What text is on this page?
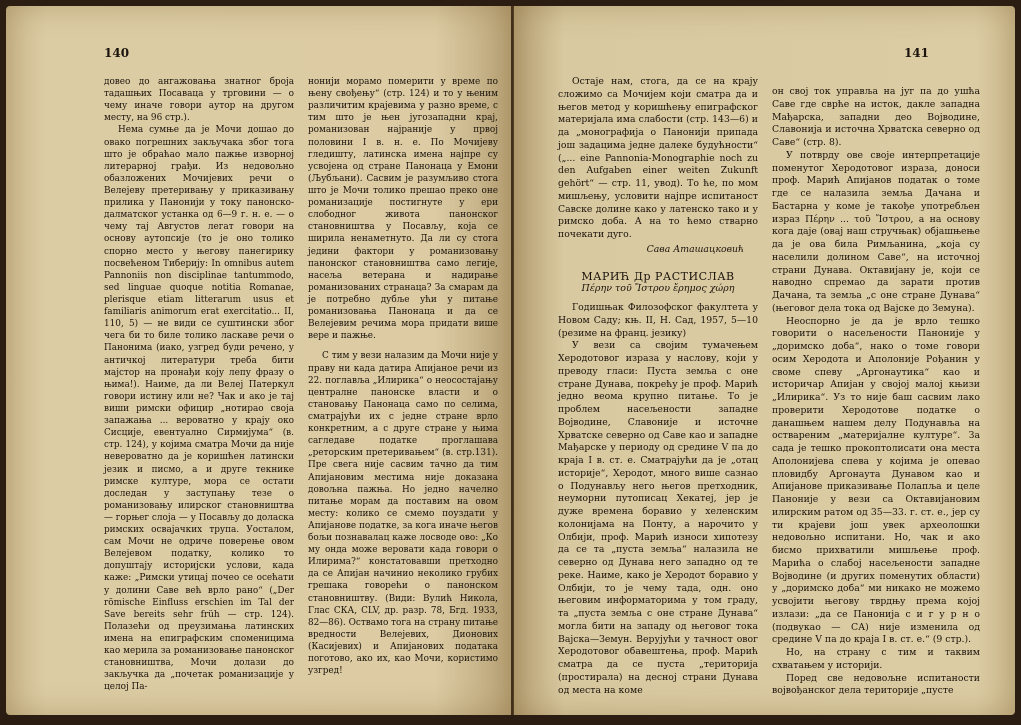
140

довео до ангажовања знатног броја тадашњих Посаваца у трговини — о чему иначе говори аутор на другом месту, на 96 стр.).

Нема сумње да је Мочи дошао до овако погрешних закључака због тога што је обраћао мало пажње изворној литерарној грађи. Из недовољно обазложених Мочијевих речи о Велејеву претеривању у приказивању прилика у Панонији у току панонско-далматског устанка од 6—9 г. н. е. — о чему тај Августов легат говори на основу аутопсије (то је оно толико спорно место у његову панегирику посвећеном Тиберију: In omnibus autem Pannoniis non disciplinae tantummodo, sed linguae quoque notitia Romanae, plerisque etiam litterarum usus et familiaris animorum erat exercitatio... II, 110, 5) — не види се суштински због чега би то биле толико ласкаве речи о Панонима (иако, узгред буди речено, у античкој литератури треба бити мајстор на пронађи коју лепу фразу о њима!). Наиме, да ли Велеј Патеркул говори истину или не? Чак и ако је тај виши римски официр „нотирао своја запажања ... вероватно у крају око Сисције, евентуално Сирмијума“ (в. стр. 124), у којима сматра Мочи да није невероватно да је коришћен латински језик и писмо, а и друге текнике римске културе, мора се остати доследан у заступању тезе о романизовању илирског становништва — горњег слоја — у Посављу до доласка римских освајачких трупа. Уосталом, сам Мочи не одриче поверење овом Велејевом податку, колико то допуштају историјски услови, када каже: „Римски утицај почео се осећати у долини Саве већ врло рано“ („Der römische Einfluss erschien im Tal der Save bereits sehr früh — стр. 124). Полазећи од преузимања латинских имена на епиграфским споменицима као мерила за романизовање панонског становништва, Мочи долази до закључка да „почетак романизације у целој Па-

нонији морамо померити у време по њену свођењу“ (стр. 124) и то у њеним различитим крајевима у разно време, с тим што је њен југозападни крај, романизован најраније у првој половини I в. н. е. По Мочијеву гледишту, латинска имена најпре су усвојена од стране Панонаца у Емони (Љубљани). Сасвим је разумљиво стога што је Мочи толико прешао преко оне романизације постигнуте у ери слободног живота панонског становништва у Посављу, која се ширила ненаметнуто. Да ли су стога једини фактори у романизовању панонског становништва само легије, насеља ветерана и надирање романизованих странаца? За смарам да је потребно дубље ући у питање романизовања Панонаца и да се Велејевим речима мора придати више вере и пажње.

С тим у вези налазим да Мочи није у праву ни када датира Апијаное речи из 22. поглавља „Илирика“ о неосостајању централне панонске власти и о становању Панонаца само по селима, сматрајући их с једне стране врло конкретним, а с друге стране у њима сагледаве податке проглашава „реторским претеривањем“ (в. стр.131). Пре свега није сасвим тачно да тим Апијановим местима није доказана довољна пажња. Но једно начелно питање морам да поставим на овом месту: колико се смемо поуздати у Апијанове податке, за кога иначе његов бољи познавалац каже лосводе ово: „Ко му онда може веровати када говори о Илирима?“ констатовавши претходно да се Апијан начинио неколико грубих грешака говорећи о панонском становништву. (Види: Вулић Никола, Глас СКА, CLV, др. разр. 78, Бгд. 1933, 82—86). Оствамо тога на страну питање вредности Велејевих, Дионових (Касијевих) и Апијанових података поготово, ако их, као Мочи, користимо узгред!

141

Остаје нам, стога, да се на крају сложимо са Мочијем који сматра да и његов метод у коришћењу епиграфског материјала има слабости (стр. 143—6) и да „монографија о Панонији припада још задацима једне далеке будућности“ („... eine Pannonia-Monographie noch zu den Aufgaben einer weiten Zukunft gehört“ — стр. 11, увод). То ће, по мом мишљењу, условити најпре испитаност Савске долине како у латенско тако и у римско доба. А на то ћемо стварно почекати дуго.

Сава Аташацковић
МАРИЋ Др РАСТИСЛАВ
Πέρην τοῦ Ἴστρου ἔρημος χώρη

Годишњак Филозофског факултета у Новом Саду; књ. II, Н. Сад, 1957, 5—10 (резиме на франц. језику)

У вези са својим тумачењем Херодотовог израза у наслову, који у преводу гласи: Пуста земља с оне стране Дунава, покрећу је проф. Марић једно веома крупно питање. То је проблем насељености западне Војводине, Славоније и источне Хрватске северно од Саве као и западне Мађарске у периоду од средине V па до краја I в. ст. е. Сматрајући да је „отац историје“, Херодот, много више сазнао о Подунављу него његов претходник, неуморни путописац Хекатеј, јер је дуже времена боравио у хеленским колонијама на Понту, а нарочито у Олбији, проф. Марић износи хипотезу да се та „пуста земља“ налазила не северно од Дунава него западно од те реке. Наиме, како је Херодот боравио у Олбији, то је чему тада, одн. оно његовим информаторима у том граду, та „пуста земља с оне стране Дунава“ могла бити на западу од његовог тока Вајска—Земун. Верујући у тачност овог Херодотовог обавештења, проф. Марић сматра да се пуста „територија (простирала) на десној страни Дунава од места на коме

он свој ток управља на југ па до ушћа Саве где сврће на исток, дакле западна Мађарска, западни део Војводине, Славонија и источна Хрватска северно од Саве“ (стр. 8).

У потврду ове своје интерпретације поменутог Херодотовог израза, доноси проф. Марић Апијанов податак о томе где се налазила земља Дачана и Бастарна у коме је такође употребљен израз Πέρην ... τοῦ Ἴστρου, а на основу кога даје (овај наш стручњак) објашњење да је ова била Римљанина, „која су населили долином Саве“, на источној страни Дунава. Октавијану је, који се наводно спремао да зарати против Дачана, та земља „с оне стране Дунава“ (његовог дела тока од Вајске до Земуна).

Неоспорно је да је врло тешко говорити о насељености Паноније у „доримско доба“, нако о томе говори осим Херодота и Аполоније Рођанин у своме спеву „Аргонаутика“ као и историчар Апијан у својој малој књизи „Илирика“. Уз то није баш сасвим лако проверити Херодотове податке о данашњем нашем делу Подунавља на оствареним „материјалне културе“. За сада је тешко прокоптолисати она места Аполонијева спева у којима је опевао пловидбу Аргонаута Дунавом као и Апијанове приказивање Полапља и целе Паноније у вези са Октавијановим илирским ратом од 35—33. г. ст. е., јер су ти крајеви још увек археолошки недовољно испитани. Но, чак и ако бисмо прихватили мишљење проф. Марића о слабој насељености западне Војводине (и других поменутих области) у „доримско доба“ ми никако не можемо усвојити његову тврдњу према којој излази: „да се Панонија с и г у р н о (подвукао — СА) није изменила од средине V па до краја I в. ст. е.“ (9 стр.).

Но, на страну с тим и таквим схватањем у историји.

Поред све недовољне испитаности војвођанског дела територије „пусте
